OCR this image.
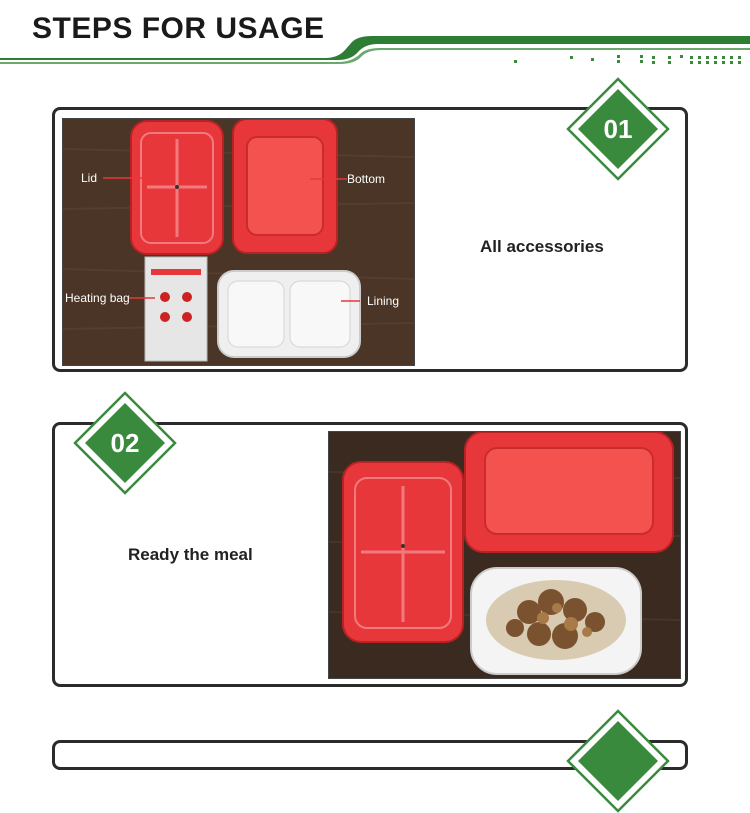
STEPS FOR USAGE
Lid	Bottom
Heating bag	Lining
All accessories
Ready the meal
01
02
